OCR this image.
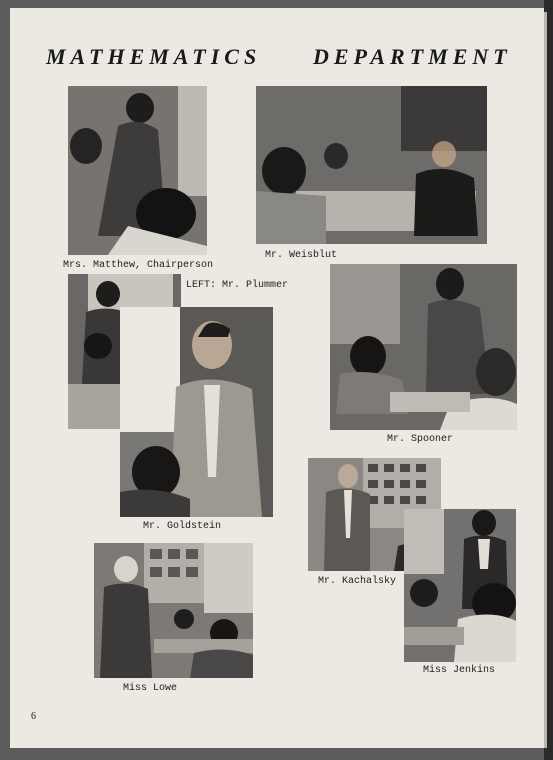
MATHEMATICS DEPARTMENT
Mrs. Matthew, Chairperson
Mr. Weisblut
LEFT: Mr. Plummer
Mr. Goldstein
Mr. Spooner
Mr. Kachalsky
Miss Jenkins
Miss Lowe
6
